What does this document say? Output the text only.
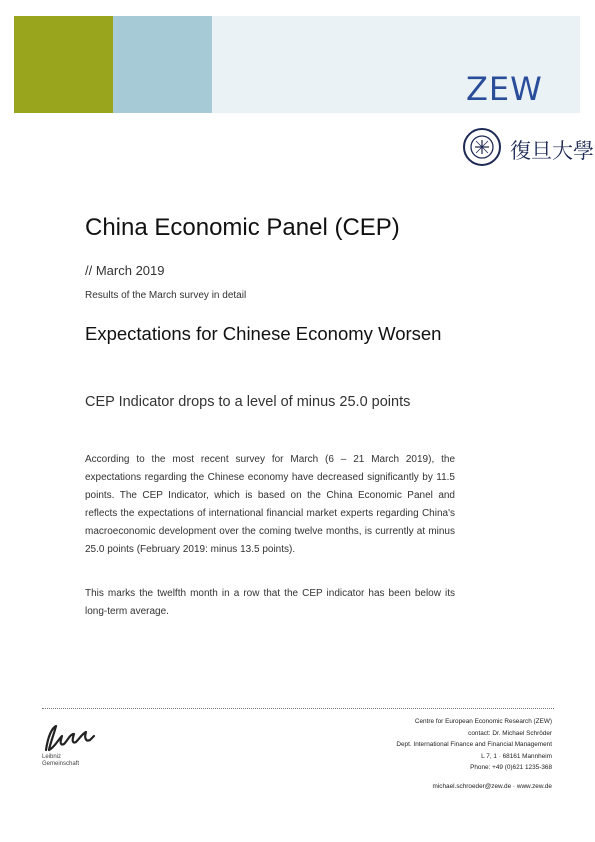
ZEW
復旦大學
China Economic Panel (CEP)
// March 2019
Results of the March survey in detail
Expectations for Chinese Economy Worsen
CEP Indicator drops to a level of minus 25.0 points

According to the most recent survey for March (6 – 21 March 2019), the expectations regarding the Chinese economy have decreased significantly by 11.5 points. The CEP Indicator, which is based on the China Economic Panel and reflects the expectations of international financial market experts regarding China's macroeconomic development over the coming twelve months, is currently at minus 25.0 points (February 2019: minus 13.5 points).

This marks the twelfth month in a row that the CEP indicator has been below its long-term average.

Leibniz
Gemeinschaft
Centre for European Economic Research (ZEW)
contact: Dr. Michael Schröder
Dept. International Finance and Financial Management
L 7, 1 · 68161 Mannheim
Phone: +49 (0)621 1235-368
michael.schroeder@zew.de · www.zew.de
